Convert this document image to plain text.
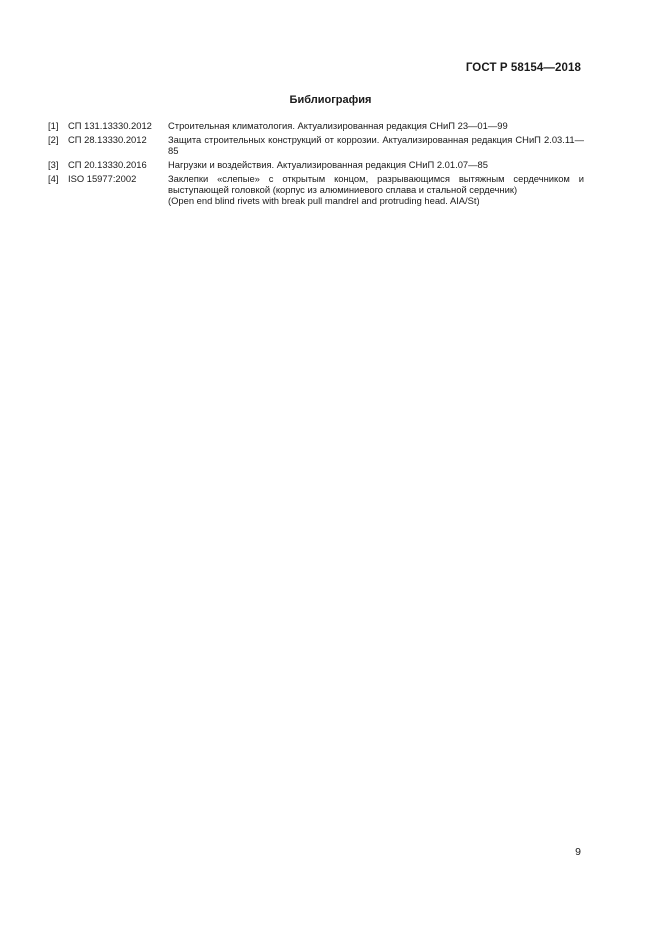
ГОСТ Р 58154—2018
Библиография
[1]	СП 131.13330.2012	Строительная климатология. Актуализированная редакция СНиП 23—01—99
[2]	СП 28.13330.2012	Защита строительных конструкций от коррозии. Актуализированная редакция СНиП 2.03.11—85
[3]	СП 20.13330.2016	Нагрузки и воздействия. Актуализированная редакция СНиП 2.01.07—85
[4]	ISO 15977:2002	Заклепки «слепые» с открытым концом, разрывающимся вытяжным сердечником и выступающей головкой (корпус из алюминиевого сплава и стальной сердечник)
(Open end blind rivets with break pull mandrel and protruding head. AIA/St)
9
